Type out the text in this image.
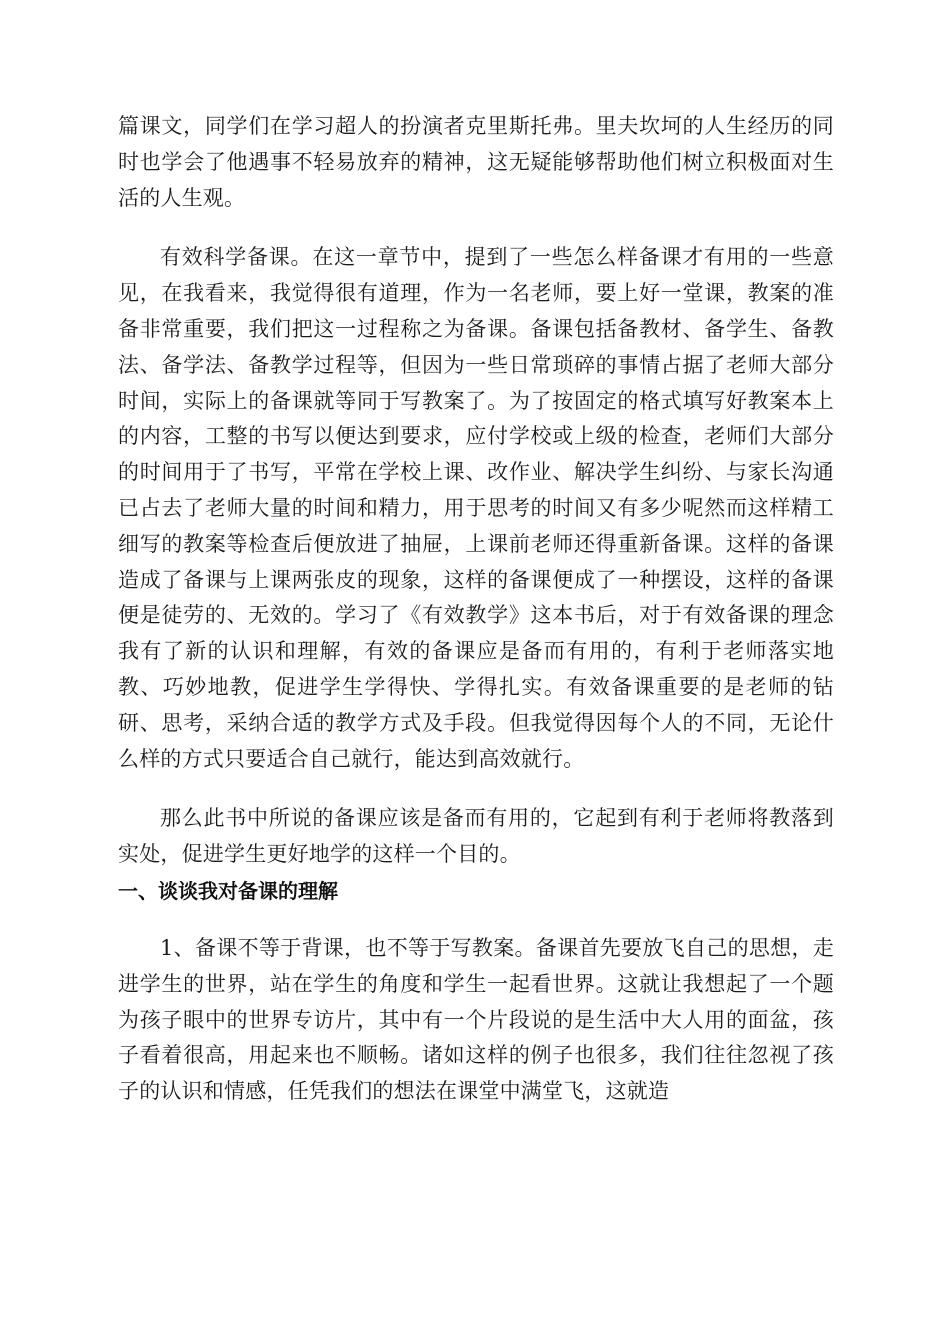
篇课文，同学们在学习超人的扮演者克里斯托弗。里夫坎坷的人生经历的同时也学会了他遇事不轻易放弃的精神，这无疑能够帮助他们树立积极面对生活的人生观。

有效科学备课。在这一章节中，提到了一些怎么样备课才有用的一些意见，在我看来，我觉得很有道理，作为一名老师，要上好一堂课，教案的准备非常重要，我们把这一过程称之为备课。备课包括备教材、备学生、备教法、备学法、备教学过程等，但因为一些日常琐碎的事情占据了老师大部分时间，实际上的备课就等同于写教案了。为了按固定的格式填写好教案本上的内容，工整的书写以便达到要求，应付学校或上级的检查，老师们大部分的时间用于了书写，平常在学校上课、改作业、解决学生纠纷、与家长沟通已占去了老师大量的时间和精力，用于思考的时间又有多少呢然而这样精工细写的教案等检查后便放进了抽屉，上课前老师还得重新备课。这样的备课造成了备课与上课两张皮的现象，这样的备课便成了一种摆设，这样的备课便是徒劳的、无效的。学习了《有效教学》这本书后，对于有效备课的理念我有了新的认识和理解，有效的备课应是备而有用的，有利于老师落实地教、巧妙地教，促进学生学得快、学得扎实。有效备课重要的是老师的钻研、思考，采纳合适的教学方式及手段。但我觉得因每个人的不同，无论什么样的方式只要适合自己就行，能达到高效就行。

那么此书中所说的备课应该是备而有用的，它起到有利于老师将教落到实处，促进学生更好地学的这样一个目的。

一、谈谈我对备课的理解

1、备课不等于背课，也不等于写教案。备课首先要放飞自己的思想，走进学生的世界，站在学生的角度和学生一起看世界。这就让我想起了一个题为孩子眼中的世界专访片，其中有一个片段说的是生活中大人用的面盆，孩子看着很高，用起来也不顺畅。诸如这样的例子也很多，我们往往忽视了孩子的认识和情感，任凭我们的想法在课堂中满堂飞，这就造
